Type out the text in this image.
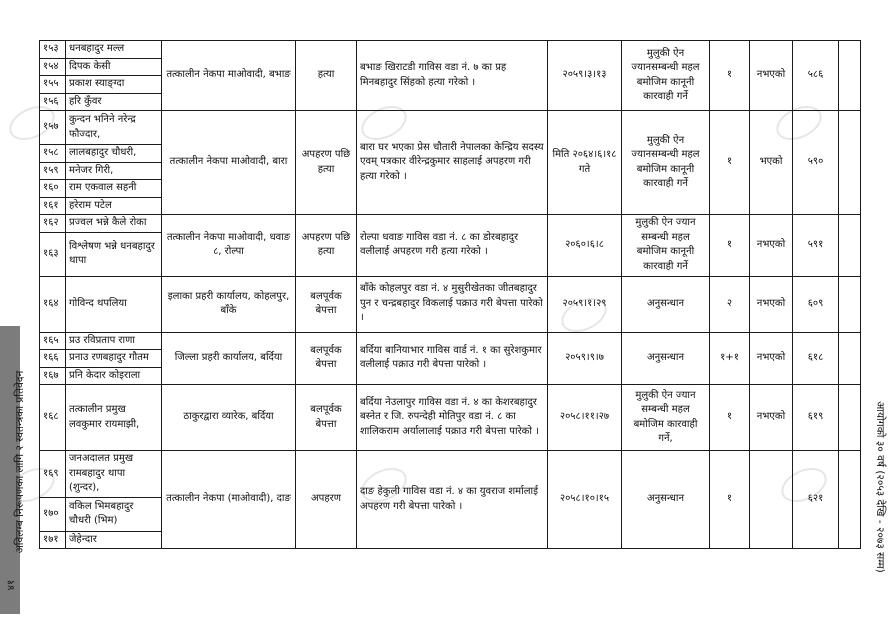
अविलम्ब निरूपणका लागि २ स्वतन्त्रका प्रतिवेदन
४१
आयोगको ३० वर्ष (२०५३ देखि - २०७३ सम्म)
१५३	धनबहादुर मल्ल	तत्कालीन नेकपा माओवादी, बभाङ	हत्या	बभाङ खिराटडी गाविस वडा नं. ७ का प्रह मिनबहादुर सिंहको हत्या गरेको ।	२०५९।३।१३	मुलुकी ऐन ज्यानसम्बन्धी महल बमोजिम कानूनी कारवाही गर्ने	१	नभएको	५८६	
१५४	दिपक केसी									
१५५	प्रकाश स्याङ्ग्दा									
१५६	हरि कुँवर									
१५७	कुन्दन भनिने नरेन्द्र फौज्दार,	तत्कालीन नेकपा माओवादी, बारा	अपहरण पछि हत्या	बारा घर भएका प्रेस चौतारी नेपालका केन्द्रिय सदस्य एवम् पत्रकार वीरेन्द्रकुमार साहलाई अपहरण गरी हत्या गरेको ।	मिति २०६४।६।१८ गते	मुलुकी ऐन ज्यानसम्बन्धी महल बमोजिम कानूनी कारवाही गर्ने	१	भएको	५९०	
१५८	लालबहादुर चौधरी,									
१५९	मनेजर गिरी,									
१६०	राम एकवाल सहनी									
१६१	हरेराम पटेल									
१६२	प्रज्वल भन्ने कैले रोका	तत्कालीन नेकपा माओवादी, धवाङ ८, रोल्पा	अपहरण पछि हत्या	रोल्पा धवाङ गाविस वडा नं. ८ का डोरबहादुर वलीलाई अपहरण गरी हत्या गरेको ।	२०६०।६।८	मुलुकी ऐन ज्यान सम्बन्धी महल बमोजिम कानूनी कारवाही गर्ने	१	नभएको	५९१	
१६३	विश्लेषण भन्ने धनबहादुर थापा									
१६४	गोविन्द थपलिया	इलाका प्रहरी कार्यालय, कोहलपुर, बाँके	बलपूर्वक बेपत्ता	बाँके कोहलपुर वडा नं. ४ मुसुरीखेतका जीतबहादुर पुन र चन्द्रबहादुर विकलाई पक्राउ गरी बेपत्ता पारेको ।	२०५९।१।२९	अनुसन्धान	२	नभएको	६०९	
१६५	प्रउ रविप्रताप राणा	जिल्ला प्रहरी कार्यालय, बर्दिया	बलपूर्वक बेपत्ता	बर्दिया बानियाभार गाविस वार्ड नं. १ का सुरेशकुमार वलीलाई पक्राउ गरी बेपत्ता पारेको ।	२०५९।९।७	अनुसन्धान	१+१	नभएको	६१८	
१६६	प्रनाउ रणबहादुर गौतम									
१६७	प्रनि केदार कोइराला									
१६८	तत्कालीन प्रमुख लवकुमार रायमाझी,	ठाकुरद्वारा व्यारेक, बर्दिया	बलपूर्वक बेपत्ता	बर्दिया नेउलापुर गाविस वडा नं. ४ का केशरबहादुर बस्नेत र जि. रुपन्देही मोतिपुर वडा नं. ८ का शालिकराम अर्यालालाई पक्राउ गरी बेपत्ता पारेको ।	२०५८।११।२७	मुलुकी ऐन ज्यान सम्बन्धी महल बमोजिम कारवाही गर्ने,	१	नभएको	६१९	
१६९	जनअदालत प्रमुख रामबहादुर थापा (शुन्दर),	तत्कालीन नेकपा (माओवादी), दाङ	अपहरण	दाङ हेकुली गाविस वडा नं. ४ का युवराज शर्मालाई अपहरण गरी बेपत्ता पारेको ।	२०५८।१०।१५	अनुसन्धान	१		६२१	
१७०	वकिल भिमबहादुर चौधरी (भिम)									
१७१	जेहेन्दार									
